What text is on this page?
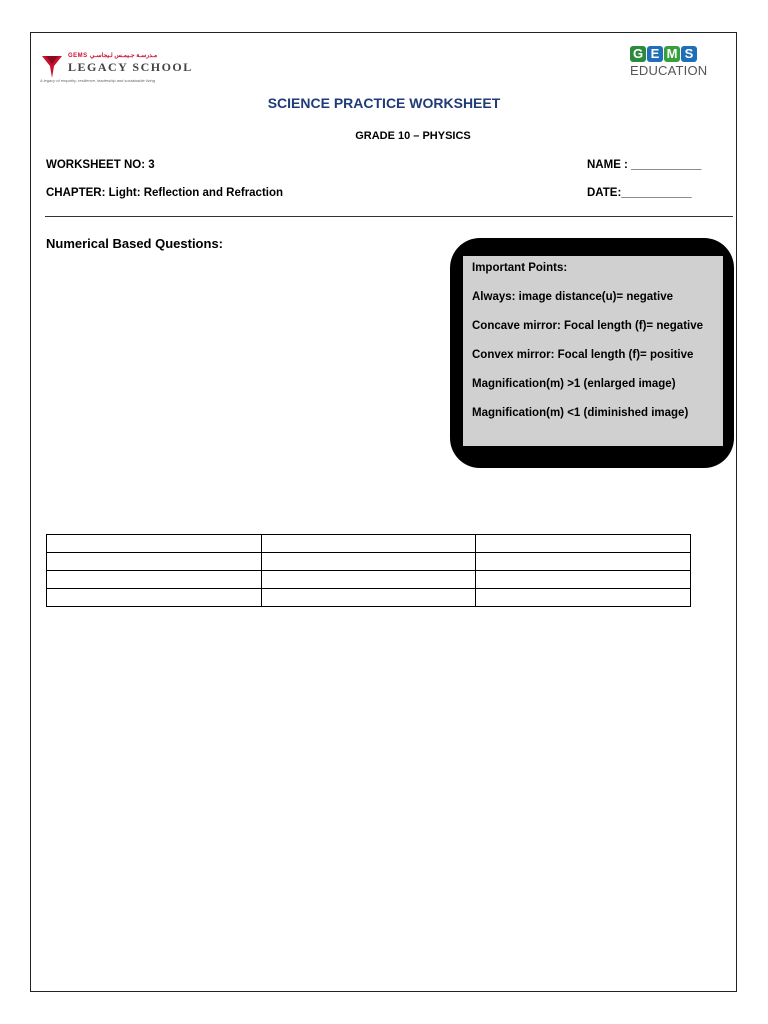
GEMS مـدرسـة جـيمـس لـيجاسـي
LEGACY SCHOOL
A legacy of empathy, resilience, leadership and sustainable living
G E M S
EDUCATION
SCIENCE PRACTICE WORKSHEET
GRADE 10 – PHYSICS
WORKSHEET NO: 3	NAME : ___________
CHAPTER: Light: Reflection and Refraction	DATE:___________
Numerical Based Questions:
Important Points:
Always: image distance(u)= negative
Concave mirror: Focal length (f)= negative
Convex mirror: Focal length (f)= positive
Magnification(m) >1 (enlarged image)
Magnification(m) <1 (diminished image)
